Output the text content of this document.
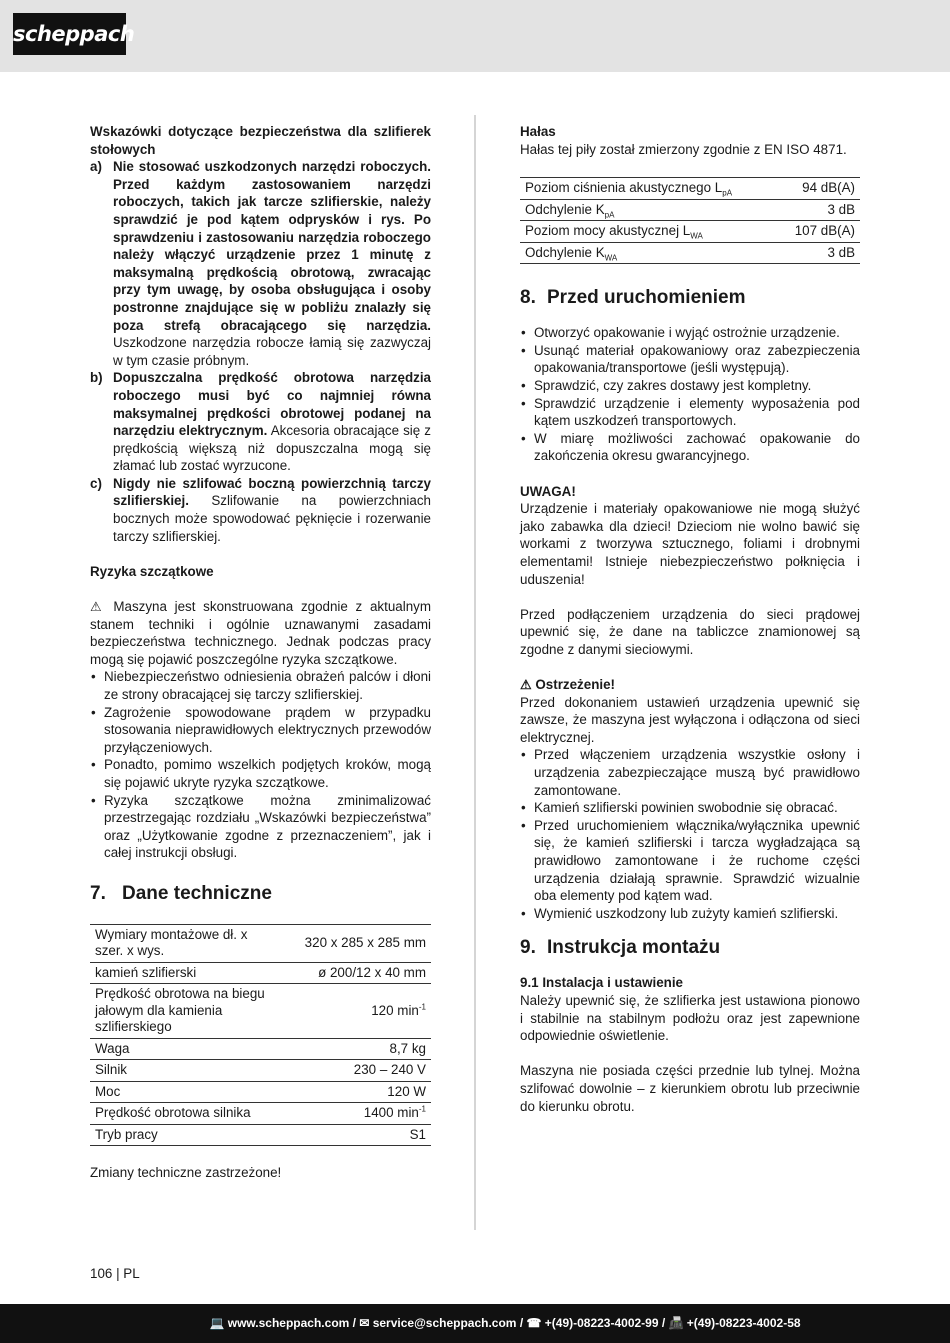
scheppach

Wskazówki dotyczące bezpieczeństwa dla szlifierek stołowych

a) Nie stosować uszkodzonych narzędzi roboczych. Przed każdym zastosowaniem narzędzi roboczych, takich jak tarcze szlifierskie, należy sprawdzić je pod kątem odprysków i rys. Po sprawdzeniu i zastosowaniu narzędzia roboczego należy włączyć urządzenie przez 1 minutę z maksymalną prędkością obrotową, zwracając przy tym uwagę, by osoba obsługująca i osoby postronne znajdujące się w pobliżu znalazły się poza strefą obracającego się narzędzia. Uszkodzone narzędzia robocze łamią się zazwyczaj w tym czasie próbnym.
b) Dopuszczalna prędkość obrotowa narzędzia roboczego musi być co najmniej równa maksymalnej prędkości obrotowej podanej na narzędziu elektrycznym. Akcesoria obracające się z prędkością większą niż dopuszczalna mogą się złamać lub zostać wyrzucone.
c) Nigdy nie szlifować boczną powierzchnią tarczy szlifierskiej. Szlifowanie na powierzchniach bocznych może spowodować pęknięcie i rozerwanie tarczy szlifierskiej.

Ryzyka szczątkowe

⚠ Maszyna jest skonstruowana zgodnie z aktualnym stanem techniki i ogólnie uznawanymi zasadami bezpieczeństwa technicznego. Jednak podczas pracy mogą się pojawić poszczególne ryzyka szczątkowe.

• Niebezpieczeństwo odniesienia obrażeń palców i dłoni ze strony obracającej się tarczy szlifierskiej.
• Zagrożenie spowodowane prądem w przypadku stosowania nieprawidłowych elektrycznych przewodów przyłączeniowych.
• Ponadto, pomimo wszelkich podjętych kroków, mogą się pojawić ukryte ryzyka szczątkowe.
• Ryzyka szczątkowe można zminimalizować przestrzegając rozdziału „Wskazówki bezpieczeństwa” oraz „Użytkowanie zgodne z przeznaczeniem”, jak i całej instrukcji obsługi.
7. Dane techniczne
Wymiary montażowe dł. x szer. x wys.	320 x 285 x 285 mm
kamień szlifierski	ø 200/12 x 40 mm
Prędkość obrotowa na biegu jałowym dla kamienia szlifierskiego	120 $\min^{-1}$
Waga	8,7 kg
Silnik	230 – 240 V
Moc	120 W
Prędkość obrotowa silnika	1400 $\min^{-1}$
Tryb pracy	S1

Zmiany techniczne zastrzeżone!

Hałas

Hałas tej piły został zmierzony zgodnie z EN ISO 4871.

Poziom ciśnienia akustycznego $L_{pA}$	94 dB(A)
Odchylenie $K_{pA}$	3 dB
Poziom mocy akustycznej $L_{WA}$	107 dB(A)
Odchylenie $K_{WA}$	3 dB
8. Przed uruchomieniem
• Otworzyć opakowanie i wyjąć ostrożnie urządzenie.
• Usunąć materiał opakowaniowy oraz zabezpieczenia opakowania/transportowe (jeśli występują).
• Sprawdzić, czy zakres dostawy jest kompletny.
• Sprawdzić urządzenie i elementy wyposażenia pod kątem uszkodzeń transportowych.
• W miarę możliwości zachować opakowanie do zakończenia okresu gwarancyjnego.

UWAGA!

Urządzenie i materiały opakowaniowe nie mogą służyć jako zabawka dla dzieci! Dzieciom nie wolno bawić się workami z tworzywa sztucznego, foliami i drobnymi elementami! Istnieje niebezpieczeństwo połknięcia i uduszenia!

Przed podłączeniem urządzenia do sieci prądowej upewnić się, że dane na tabliczce znamionowej są zgodne z danymi sieciowymi.

⚠ Ostrzeżenie!

Przed dokonaniem ustawień urządzenia upewnić się zawsze, że maszyna jest wyłączona i odłączona od sieci elektrycznej.

• Przed włączeniem urządzenia wszystkie osłony i urządzenia zabezpieczające muszą być prawidłowo zamontowane.
• Kamień szlifierski powinien swobodnie się obracać.
• Przed uruchomieniem włącznika/wyłącznika upewnić się, że kamień szlifierski i tarcza wygładzająca są prawidłowo zamontowane i że ruchome części urządzenia działają sprawnie. Sprawdzić wizualnie oba elementy pod kątem wad.
• Wymienić uszkodzony lub zużyty kamień szlifierski.
9. Instrukcja montażu

9.1 Instalacja i ustawienie

Należy upewnić się, że szlifierka jest ustawiona pionowo i stabilnie na stabilnym podłożu oraz jest zapewnione odpowiednie oświetlenie.

Maszyna nie posiada części przednie lub tylnej. Można szlifować dowolnie – z kierunkiem obrotu lub przeciwnie do kierunku obrotu.

106 | PL
💻 www.scheppach.com / ✉ service@scheppach.com / ☎ +(49)-08223-4002-99 / 📠 +(49)-08223-4002-58
